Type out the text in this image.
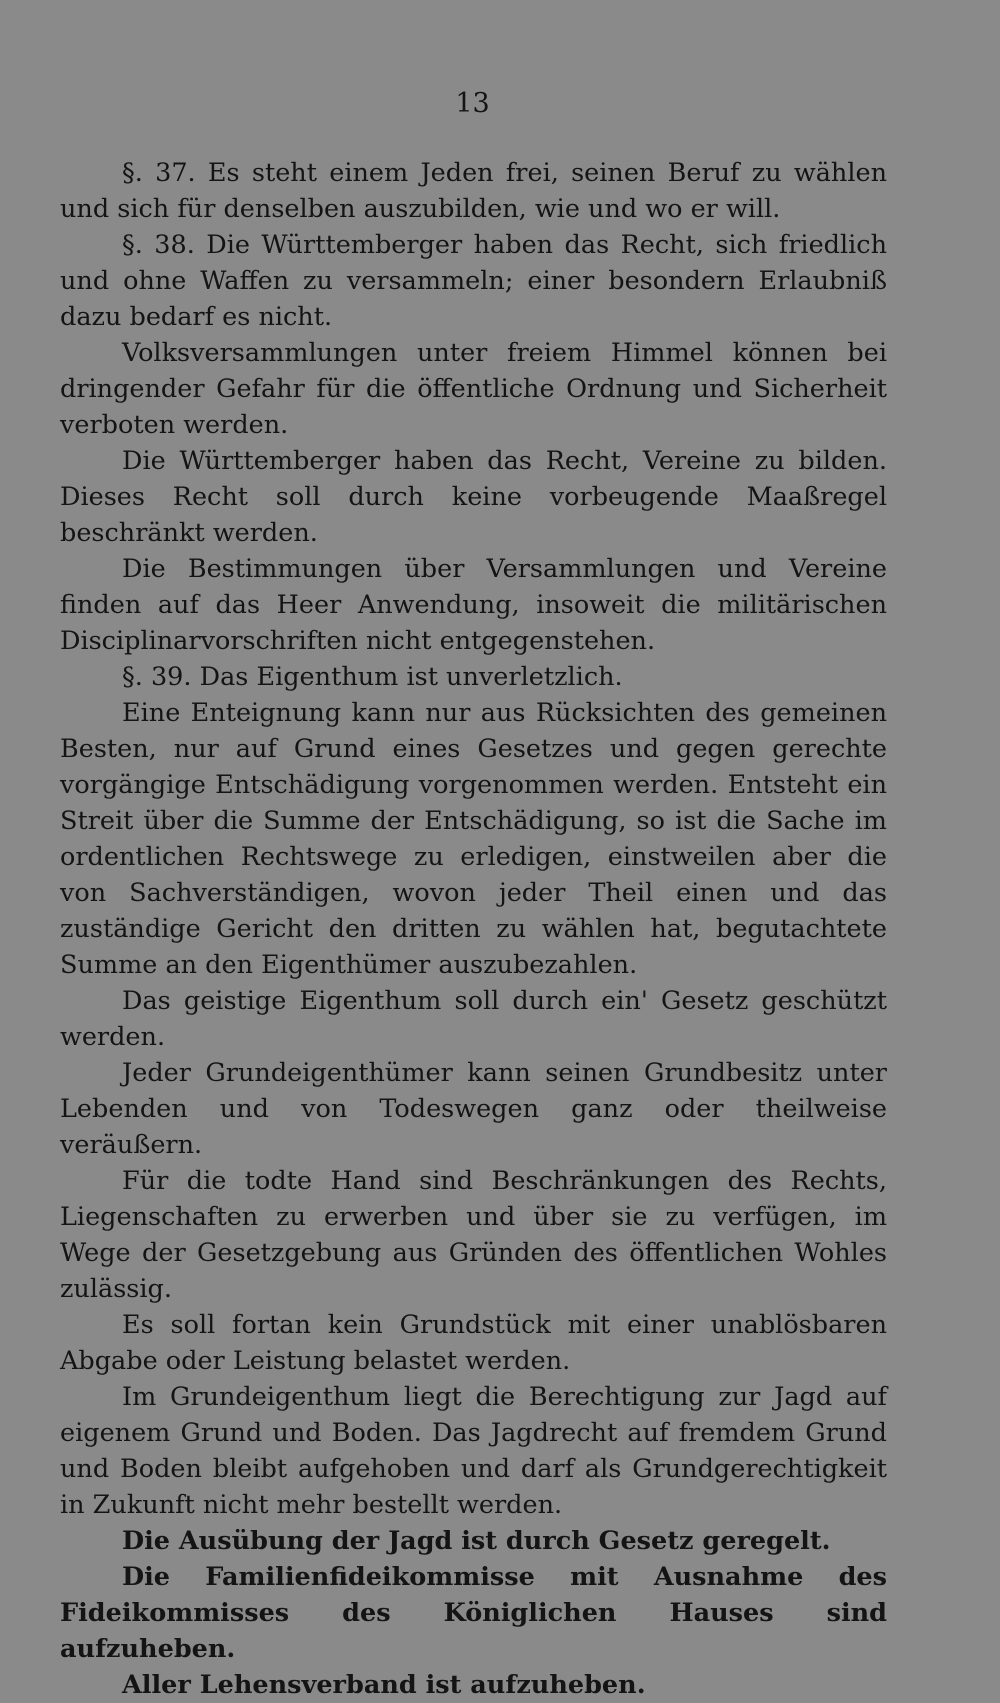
13

§. 37. Es steht einem Jeden frei, seinen Beruf zu wählen und sich für denselben auszubilden, wie und wo er will.

§. 38. Die Württemberger haben das Recht, sich friedlich und ohne Waffen zu versammeln; einer besondern Erlaubniß dazu bedarf es nicht.

Volksversammlungen unter freiem Himmel können bei dringender Gefahr für die öffentliche Ordnung und Sicherheit verboten werden.

Die Württemberger haben das Recht, Vereine zu bilden. Dieses Recht soll durch keine vorbeugende Maaßregel beschränkt werden.

Die Bestimmungen über Versammlungen und Vereine finden auf das Heer Anwendung, insoweit die militärischen Disciplinarvorschriften nicht entgegenstehen.

§. 39. Das Eigenthum ist unverletzlich.

Eine Enteignung kann nur aus Rücksichten des gemeinen Besten, nur auf Grund eines Gesetzes und gegen gerechte vorgängige Entschädigung vorgenommen werden. Entsteht ein Streit über die Summe der Entschädigung, so ist die Sache im ordentlichen Rechtswege zu erledigen, einstweilen aber die von Sachverständigen, wovon jeder Theil einen und das zuständige Gericht den dritten zu wählen hat, begutachtete Summe an den Eigenthümer auszubezahlen.

Das geistige Eigenthum soll durch ein' Gesetz geschützt werden.

Jeder Grundeigenthümer kann seinen Grundbesitz unter Lebenden und von Todeswegen ganz oder theilweise veräußern.

Für die todte Hand sind Beschränkungen des Rechts, Liegenschaften zu erwerben und über sie zu verfügen, im Wege der Gesetzgebung aus Gründen des öffentlichen Wohles zulässig.

Es soll fortan kein Grundstück mit einer unablösbaren Abgabe oder Leistung belastet werden.

Im Grundeigenthum liegt die Berechtigung zur Jagd auf eigenem Grund und Boden. Das Jagdrecht auf fremdem Grund und Boden bleibt aufgehoben und darf als Grundgerechtigkeit in Zukunft nicht mehr bestellt werden.

Die Ausübung der Jagd ist durch Gesetz geregelt.

Die Familienfideikommisse mit Ausnahme des Fideikommisses des Königlichen Hauses sind aufzuheben.

Aller Lehensverband ist aufzuheben.
